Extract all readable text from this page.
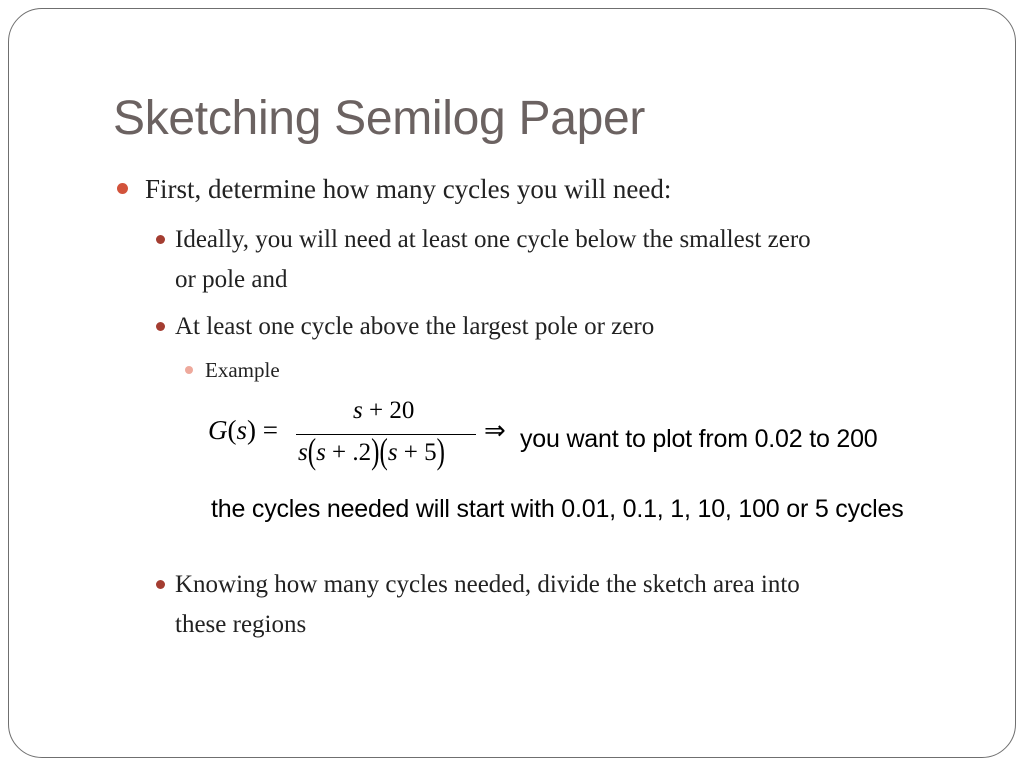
Sketching Semilog Paper
First, determine how many cycles you will need:
Ideally, you will need at least one cycle below the smallest zero
or pole and
At least one cycle above the largest pole or zero
Example
G(s) =
s + 20
s(s + .2)(s + 5)
⇒ you want to plot from 0.02 to 200
the cycles needed will start with 0.01, 0.1, 1, 10, 100 or 5 cycles
Knowing how many cycles needed, divide the sketch area into
these regions
